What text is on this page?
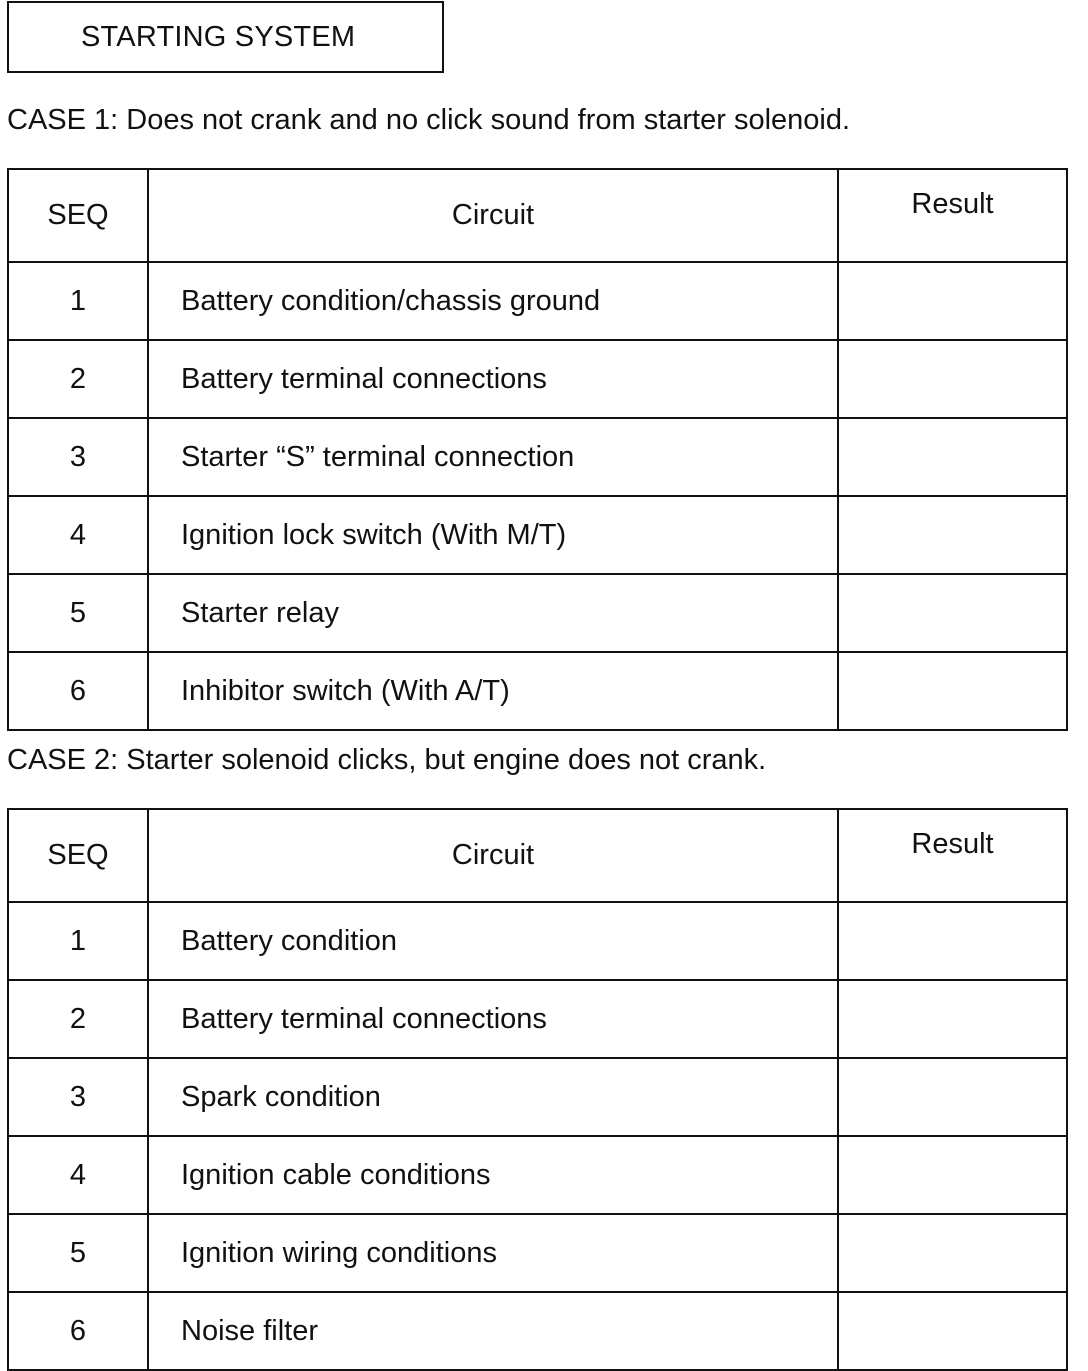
STARTING SYSTEM
CASE 1: Does not crank and no click sound from starter solenoid.
SEQ	Circuit	Result
1	Battery condition/chassis ground	
2	Battery terminal connections	
3	Starter “S” terminal connection	
4	Ignition lock switch (With M/T)	
5	Starter relay	
6	Inhibitor switch (With A/T)	
CASE 2: Starter solenoid clicks, but engine does not crank.
SEQ	Circuit	Result
1	Battery condition	
2	Battery terminal connections	
3	Spark condition	
4	Ignition cable conditions	
5	Ignition wiring conditions	
6	Noise filter	
